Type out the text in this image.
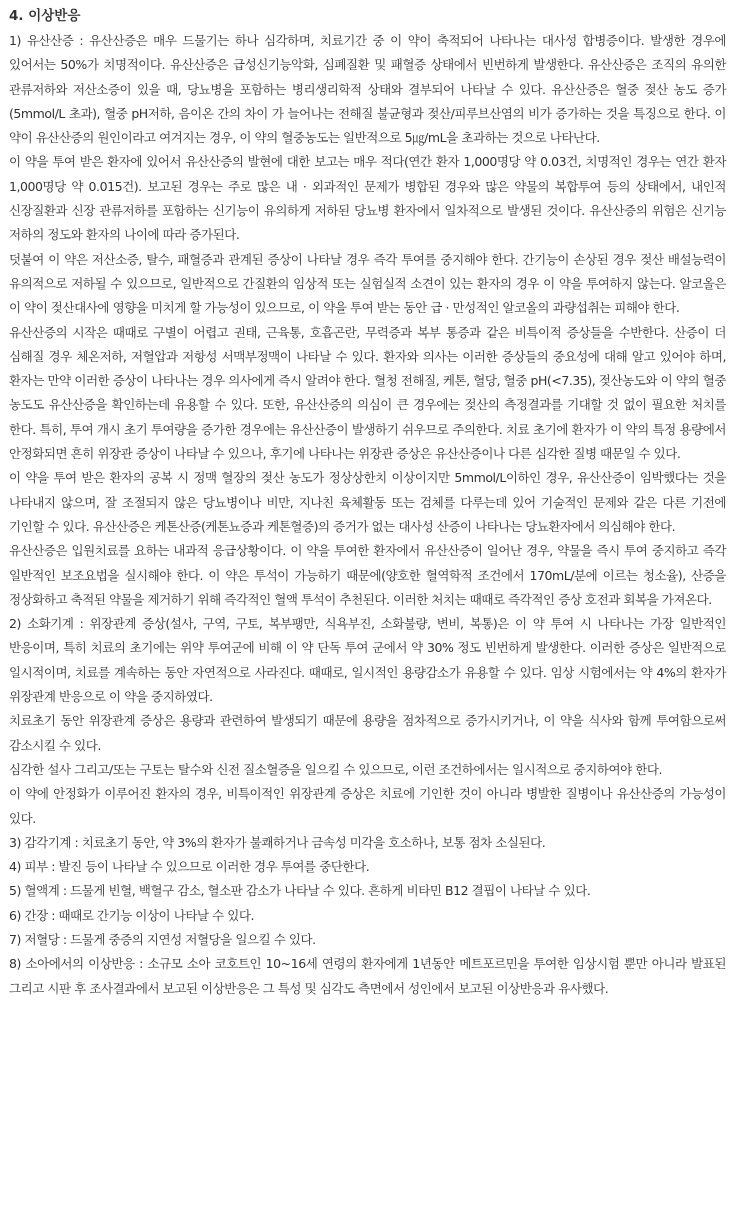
4. 이상반응

1) 유산산증 : 유산산증은 매우 드물기는 하나 심각하며, 치료기간 중 이 약이 축적되어 나타나는 대사성 합병증이다. 발생한 경우에 있어서는 50%가 치명적이다. 유산산증은 급성신기능악화, 심폐질환 및 패혈증 상태에서 빈번하게 발생한다. 유산산증은 조직의 유의한 관류저하와 저산소증이 있을 때, 당뇨병을 포함하는 병리생리학적 상태와 결부되어 나타날 수 있다. 유산산증은 혈중 젖산 농도 증가(5mmol/L 초과), 혈중 pH저하, 음이온 간의 차이 가 늘어나는 전해질 불균형과 젖산/피루브산염의 비가 증가하는 것을 특징으로 한다. 이 약이 유산산증의 원인이라고 여겨지는 경우, 이 약의 혈중농도는 일반적으로 5㎍/mL을 초과하는 것으로 나타난다.

이 약을 투여 받은 환자에 있어서 유산산증의 발현에 대한 보고는 매우 적다(연간 환자 1,000명당 약 0.03건, 치명적인 경우는 연간 환자 1,000명당 약 0.015건). 보고된 경우는 주로 많은 내 · 외과적인 문제가 병합된 경우와 많은 약물의 복합투여 등의 상태에서, 내인적 신장질환과 신장 관류저하를 포함하는 신기능이 유의하게 저하된 당뇨병 환자에서 일차적으로 발생된 것이다. 유산산증의 위험은 신기능 저하의 정도와 환자의 나이에 따라 증가된다.

덧붙여 이 약은 저산소증, 탈수, 패혈증과 관계된 증상이 나타날 경우 즉각 투여를 중지해야 한다. 간기능이 손상된 경우 젖산 배설능력이 유의적으로 저하될 수 있으므로, 일반적으로 간질환의 임상적 또는 실험실적 소견이 있는 환자의 경우 이 약을 투여하지 않는다. 알코올은 이 약이 젖산대사에 영향을 미치게 할 가능성이 있으므로, 이 약을 투여 받는 동안 급 · 만성적인 알코올의 과량섭취는 피해야 한다.

유산산증의 시작은 때때로 구별이 어렵고 권태, 근육통, 호흡곤란, 무력증과 복부 통증과 같은 비특이적 증상들을 수반한다. 산증이 더 심해질 경우 체온저하, 저혈압과 저항성 서맥부정맥이 나타날 수 있다. 환자와 의사는 이러한 증상들의 중요성에 대해 알고 있어야 하며, 환자는 만약 이러한 증상이 나타나는 경우 의사에게 즉시 알려야 한다. 혈청 전해질, 케톤, 혈당, 혈중 pH(<7.35), 젖산농도와 이 약의 혈중 농도도 유산산증을 확인하는데 유용할 수 있다. 또한, 유산산증의 의심이 큰 경우에는 젖산의 측정결과를 기대할 것 없이 필요한 처치를 한다. 특히, 투여 개시 초기 투여량을 증가한 경우에는 유산산증이 발생하기 쉬우므로 주의한다. 치료 초기에 환자가 이 약의 특정 용량에서 안정화되면 흔히 위장관 증상이 나타날 수 있으나, 후기에 나타나는 위장관 증상은 유산산증이나 다른 심각한 질병 때문일 수 있다.

이 약을 투여 받은 환자의 공복 시 정맥 혈장의 젖산 농도가 정상상한치 이상이지만 5mmol/L이하인 경우, 유산산증이 임박했다는 것을 나타내지 않으며, 잘 조절되지 않은 당뇨병이나 비만, 지나친 육체활동 또는 검체를 다루는데 있어 기술적인 문제와 같은 다른 기전에 기인할 수 있다. 유산산증은 케톤산증(케톤뇨증과 케톤혈증)의 증거가 없는 대사성 산증이 나타나는 당뇨환자에서 의심해야 한다.

유산산증은 입원치료를 요하는 내과적 응급상황이다. 이 약을 투여한 환자에서 유산산증이 일어난 경우, 약물을 즉시 투여 중지하고 즉각 일반적인 보조요법을 실시해야 한다. 이 약은 투석이 가능하기 때문에(양호한 혈역학적 조건에서 170mL/분에 이르는 청소율), 산증을 정상화하고 축적된 약물을 제거하기 위해 즉각적인 혈액 투석이 추천된다. 이러한 처치는 때때로 즉각적인 증상 호전과 회복을 가져온다.

2) 소화기계 : 위장관계 증상(설사, 구역, 구토, 복부팽만, 식욕부진, 소화불량, 변비, 복통)은 이 약 투여 시 나타나는 가장 일반적인 반응이며, 특히 치료의 초기에는 위약 투여군에 비해 이 약 단독 투여 군에서 약 30% 정도 빈번하게 발생한다. 이러한 증상은 일반적으로 일시적이며, 치료를 계속하는 동안 자연적으로 사라진다. 때때로, 일시적인 용량감소가 유용할 수 있다. 임상 시험에서는 약 4%의 환자가 위장관계 반응으로 이 약을 중지하였다.

치료초기 동안 위장관계 증상은 용량과 관련하여 발생되기 때문에 용량을 점차적으로 증가시키거나, 이 약을 식사와 함께 투여함으로써 감소시킬 수 있다.

심각한 설사 그리고/또는 구토는 탈수와 신전 질소혈증을 일으킬 수 있으므로, 이런 조건하에서는 일시적으로 중지하여야 한다.

이 약에 안정화가 이루어진 환자의 경우, 비특이적인 위장관계 증상은 치료에 기인한 것이 아니라 병발한 질병이나 유산산증의 가능성이 있다.

3) 감각기계 : 치료초기 동안, 약 3%의 환자가 불쾌하거나 금속성 미각을 호소하나, 보통 점차 소실된다.

4) 피부 : 발진 등이 나타날 수 있으므로 이러한 경우 투여를 중단한다.

5) 혈액계 : 드물게 빈혈, 백혈구 감소, 혈소판 감소가 나타날 수 있다. 흔하게 비타민 B12 결핍이 나타날 수 있다.

6) 간장 : 때때로 간기능 이상이 나타날 수 있다.

7) 저혈당 : 드물게 중증의 지연성 저혈당을 일으킬 수 있다.

8) 소아에서의 이상반응 : 소규모 소아 코호트인 10~16세 연령의 환자에게 1년동안 메트포르민을 투여한 임상시험 뿐만 아니라 발표된 그리고 시판 후 조사결과에서 보고된 이상반응은 그 특성 및 심각도 측면에서 성인에서 보고된 이상반응과 유사했다.
